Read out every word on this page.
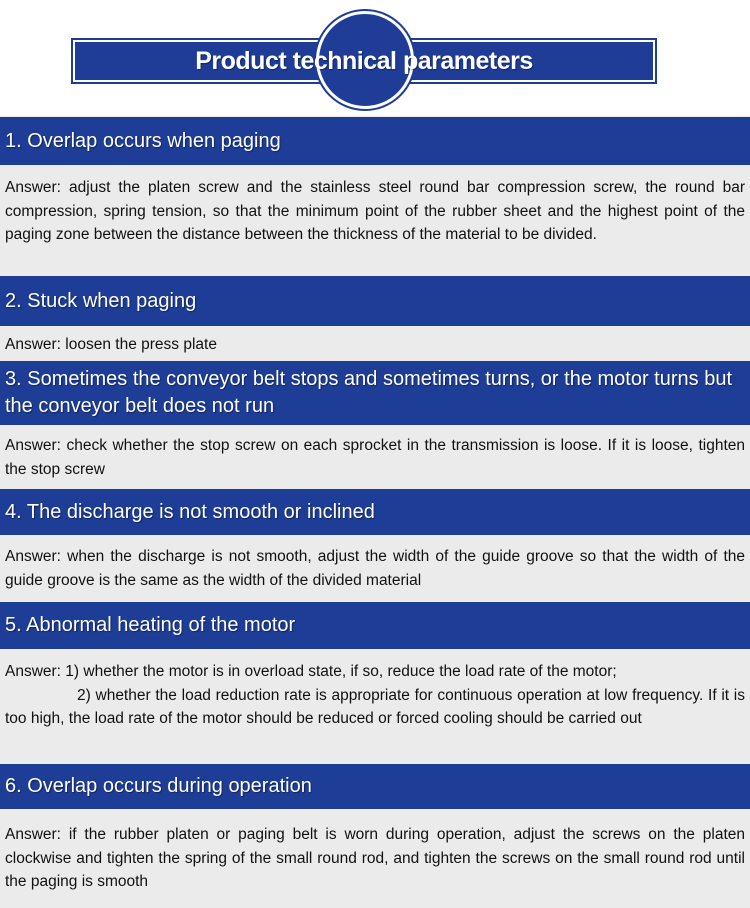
Product technical parameters
1. Overlap occurs when paging
Answer: adjust the platen screw and the stainless steel round bar compression screw, the round bar compression, spring tension, so that the minimum point of the rubber sheet and the highest point of the paging zone between the distance between the thickness of the material to be divided.
2. Stuck when paging
Answer: loosen the press plate
3. Sometimes the conveyor belt stops and sometimes turns, or the motor turns but the conveyor belt does not run
Answer: check whether the stop screw on each sprocket in the transmission is loose. If it is loose, tighten the stop screw
4. The discharge is not smooth or inclined
Answer: when the discharge is not smooth, adjust the width of the guide groove so that the width of the guide groove is the same as the width of the divided material
5. Abnormal heating of the motor
Answer: 1) whether the motor is in overload state, if so, reduce the load rate of the motor;
2) whether the load reduction rate is appropriate for continuous operation at low frequency. If it is too high, the load rate of the motor should be reduced or forced cooling should be carried out
6. Overlap occurs during operation
Answer: if the rubber platen or paging belt is worn during operation, adjust the screws on the platen clockwise and tighten the spring of the small round rod, and tighten the screws on the small round rod until the paging is smooth
